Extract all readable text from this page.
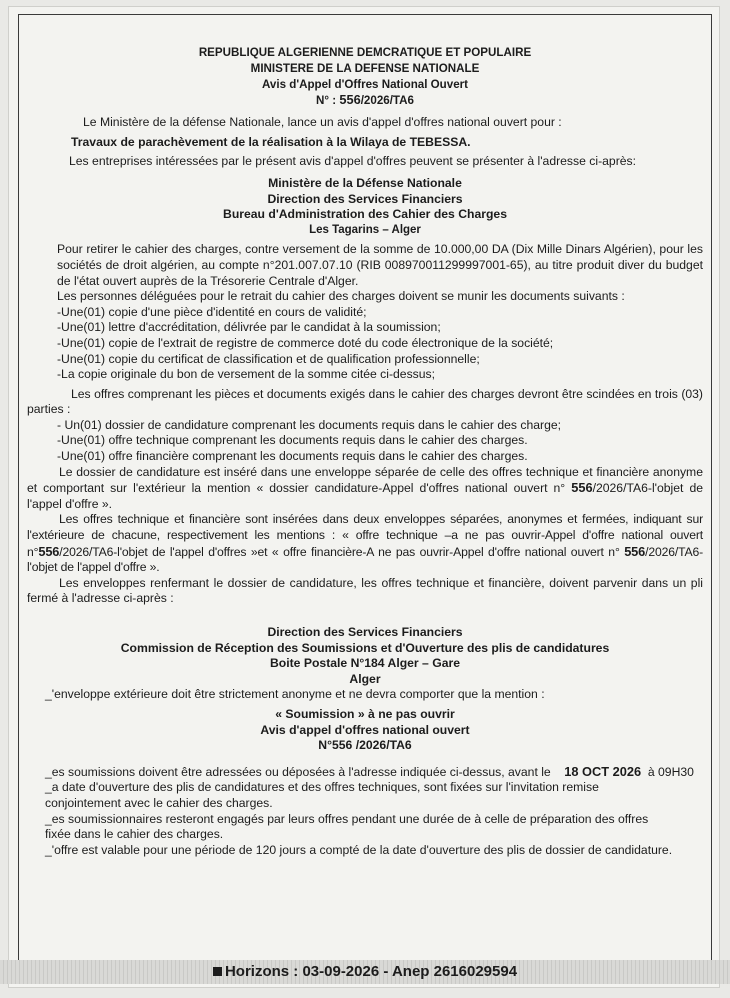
REPUBLIQUE ALGERIENNE DEMCRATIQUE ET POPULAIRE
MINISTERE DE LA DEFENSE NATIONALE
Avis d'Appel d'Offres National Ouvert
N° : 556/2026/TA6

Le Ministère de la défense Nationale, lance un avis d'appel d'offres national ouvert pour :

Travaux de parachèvement de la réalisation à la Wilaya de TEBESSA.

Les entreprises intéressées par le présent avis d'appel d'offres peuvent se présenter à l'adresse ci-après:

Ministère de la Défense Nationale
Direction des Services Financiers
Bureau d'Administration des Cahier des Charges
Les Tagarins – Alger

Pour retirer le cahier des charges, contre versement de la somme de 10.000,00 DA (Dix Mille Dinars Algérien), pour les sociétés de droit algérien, au compte n°201.007.07.10 (RIB 008970011299997001-65), au titre produit diver du budget de l'état ouvert auprès de la Trésorerie Centrale d'Alger.

Les personnes déléguées pour le retrait du cahier des charges doivent se munir les documents suivants :

-Une(01) copie d'une pièce d'identité en cours de validité;

-Une(01) lettre d'accréditation, délivrée par le candidat à la soumission;

-Une(01) copie de l'extrait de registre de commerce doté du code électronique de la société;

-Une(01) copie du certificat de classification et de qualification professionnelle;

-La copie originale du bon de versement de la somme citée ci-dessus;

Les offres comprenant les pièces et documents exigés dans le cahier des charges devront être scindées en trois (03) parties :

- Un(01) dossier de candidature comprenant les documents requis dans le cahier des charge;

-Une(01) offre technique comprenant les documents requis dans le cahier des charges.

-Une(01) offre financière comprenant les documents requis dans le cahier des charges.

Le dossier de candidature est inséré dans une enveloppe séparée de celle des offres technique et financière anonyme et comportant sur l'extérieur la mention « dossier candidature-Appel d'offres national ouvert n° 556/2026/TA6-l'objet de l'appel d'offre ».

Les offres technique et financière sont insérées dans deux enveloppes séparées, anonymes et fermées, indiquant sur l'extérieure de chacune, respectivement les mentions : « offre technique –a ne pas ouvrir-Appel d'offre national ouvert n°556/2026/TA6-l'objet de l'appel d'offres »et « offre financière-A ne pas ouvrir-Appel d'offre national ouvert n° 556/2026/TA6-l'objet de l'appel d'offre ».

Les enveloppes renfermant le dossier de candidature, les offres technique et financière, doivent parvenir dans un pli fermé à l'adresse ci-après :

Direction des Services Financiers
Commission de Réception des Soumissions et d'Ouverture des plis de candidatures
Boite Postale N°184 Alger – Gare
Alger

_'enveloppe extérieure doit être strictement anonyme et ne devra comporter que la mention :

« Soumission » à ne pas ouvrir
Avis d'appel d'offres national ouvert
N°556 /2026/TA6

_es soumissions doivent être adressées ou déposées à l'adresse indiquée ci-dessus, avant le 18 OCT 2026 à 09H30

_a date d'ouverture des plis de candidatures et des offres techniques, sont fixées sur l'invitation remise

conjointement avec le cahier des charges.

_es soumissionnaires resteront engagés par leurs offres pendant une durée de à celle de préparation des offres

fixée dans le cahier des charges.

_'offre est valable pour une période de 120 jours a compté de la date d'ouverture des plis de dossier de candidature.

Horizons : 03-09-2026 - Anep 2616029594
